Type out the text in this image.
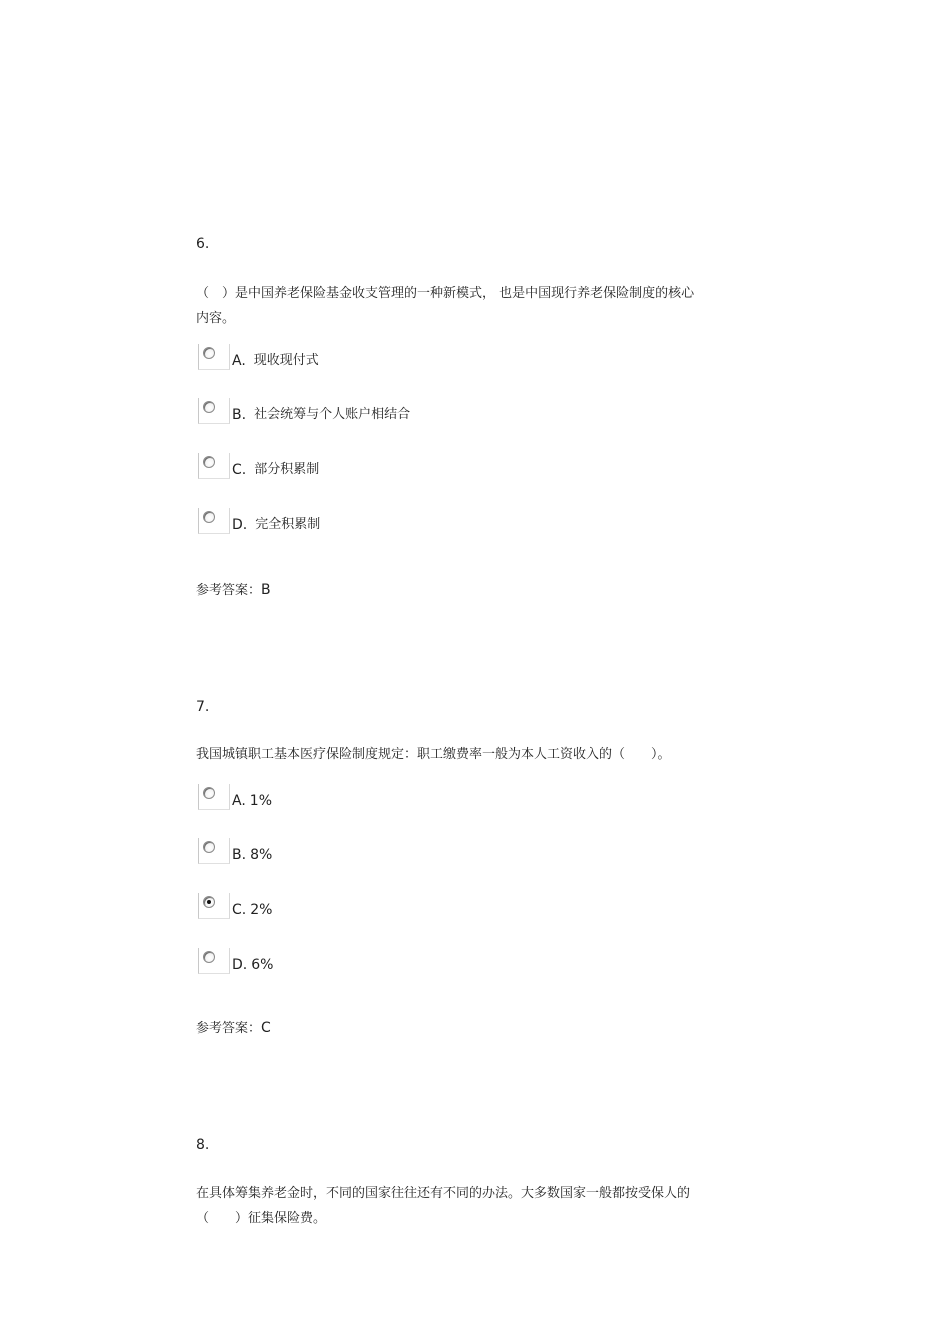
6.
（　）是中国养老保险基金收支管理的一种新模式， 也是中国现行养老保险制度的核心
内容。
A. 现收现付式
B. 社会统筹与个人账户相结合
C. 部分积累制
D. 完全积累制
参考答案：B
7.
我国城镇职工基本医疗保险制度规定：职工缴费率一般为本人工资收入的（　　）。
A. 1%
B. 8%
C. 2%
D. 6%
参考答案：C
8.
在具体筹集养老金时，不同的国家往往还有不同的办法。大多数国家一般都按受保人的
（　　）征集保险费。
